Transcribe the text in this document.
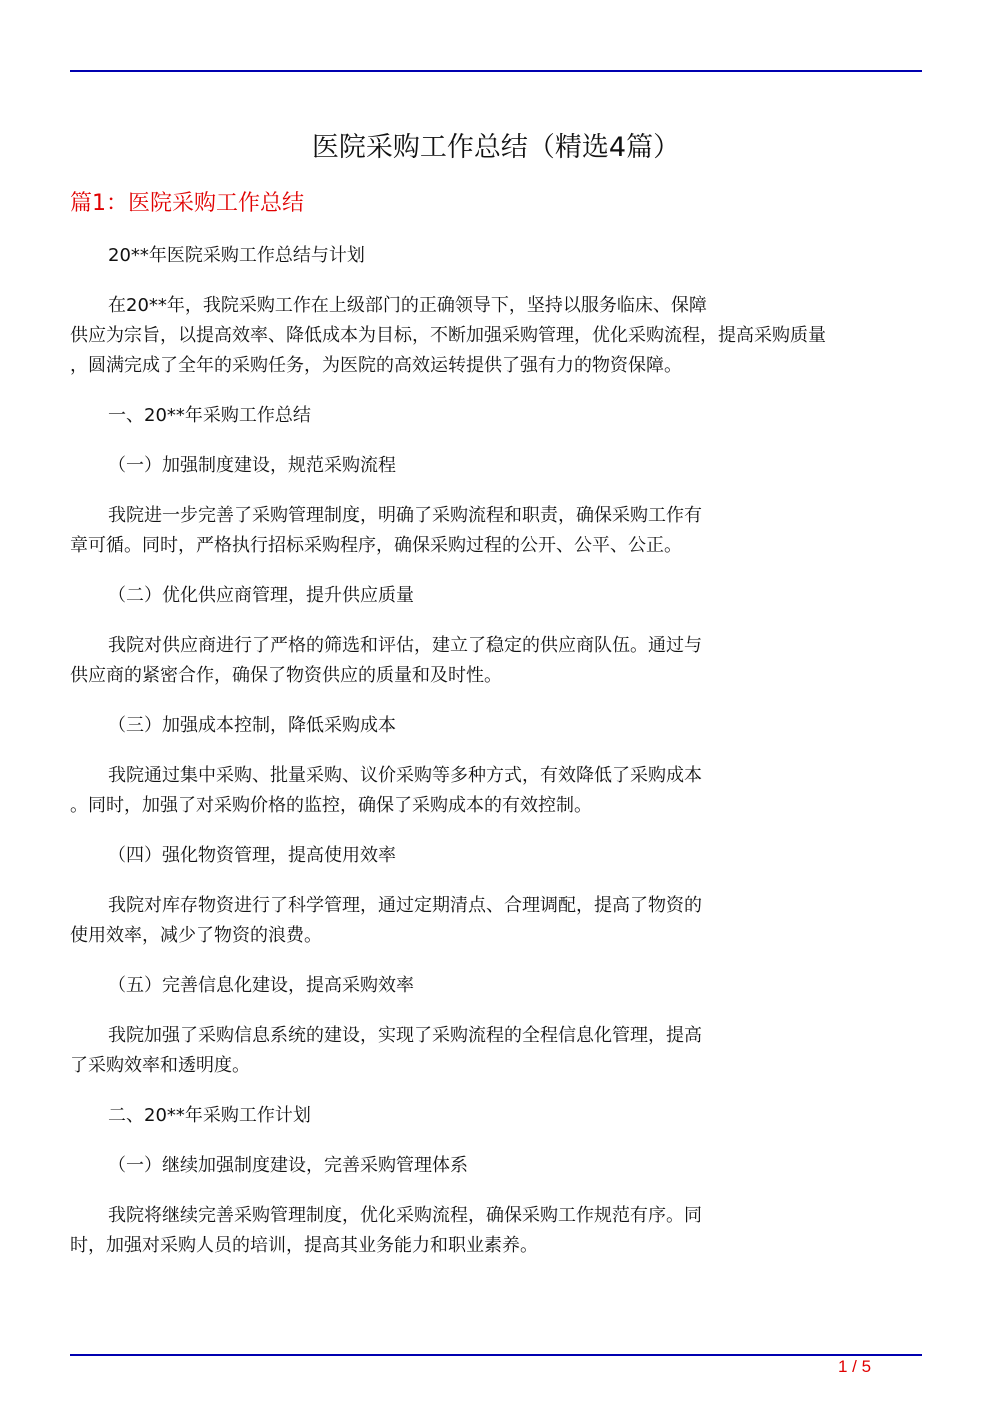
医院采购工作总结（精选4篇）
篇1：医院采购工作总结
20**年医院采购工作总结与计划
在20**年，我院采购工作在上级部门的正确领导下，坚持以服务临床、保障
供应为宗旨，以提高效率、降低成本为目标，不断加强采购管理，优化采购流程，提高采购质量
，圆满完成了全年的采购任务，为医院的高效运转提供了强有力的物资保障。
一、20**年采购工作总结
（一）加强制度建设，规范采购流程
我院进一步完善了采购管理制度，明确了采购流程和职责，确保采购工作有
章可循。同时，严格执行招标采购程序，确保采购过程的公开、公平、公正。
（二）优化供应商管理，提升供应质量
我院对供应商进行了严格的筛选和评估，建立了稳定的供应商队伍。通过与
供应商的紧密合作，确保了物资供应的质量和及时性。
（三）加强成本控制，降低采购成本
我院通过集中采购、批量采购、议价采购等多种方式，有效降低了采购成本
。同时，加强了对采购价格的监控，确保了采购成本的有效控制。
（四）强化物资管理，提高使用效率
我院对库存物资进行了科学管理，通过定期清点、合理调配，提高了物资的
使用效率，减少了物资的浪费。
（五）完善信息化建设，提高采购效率
我院加强了采购信息系统的建设，实现了采购流程的全程信息化管理，提高
了采购效率和透明度。
二、20**年采购工作计划
（一）继续加强制度建设，完善采购管理体系
我院将继续完善采购管理制度，优化采购流程，确保采购工作规范有序。同
时，加强对采购人员的培训，提高其业务能力和职业素养。
1 / 5
